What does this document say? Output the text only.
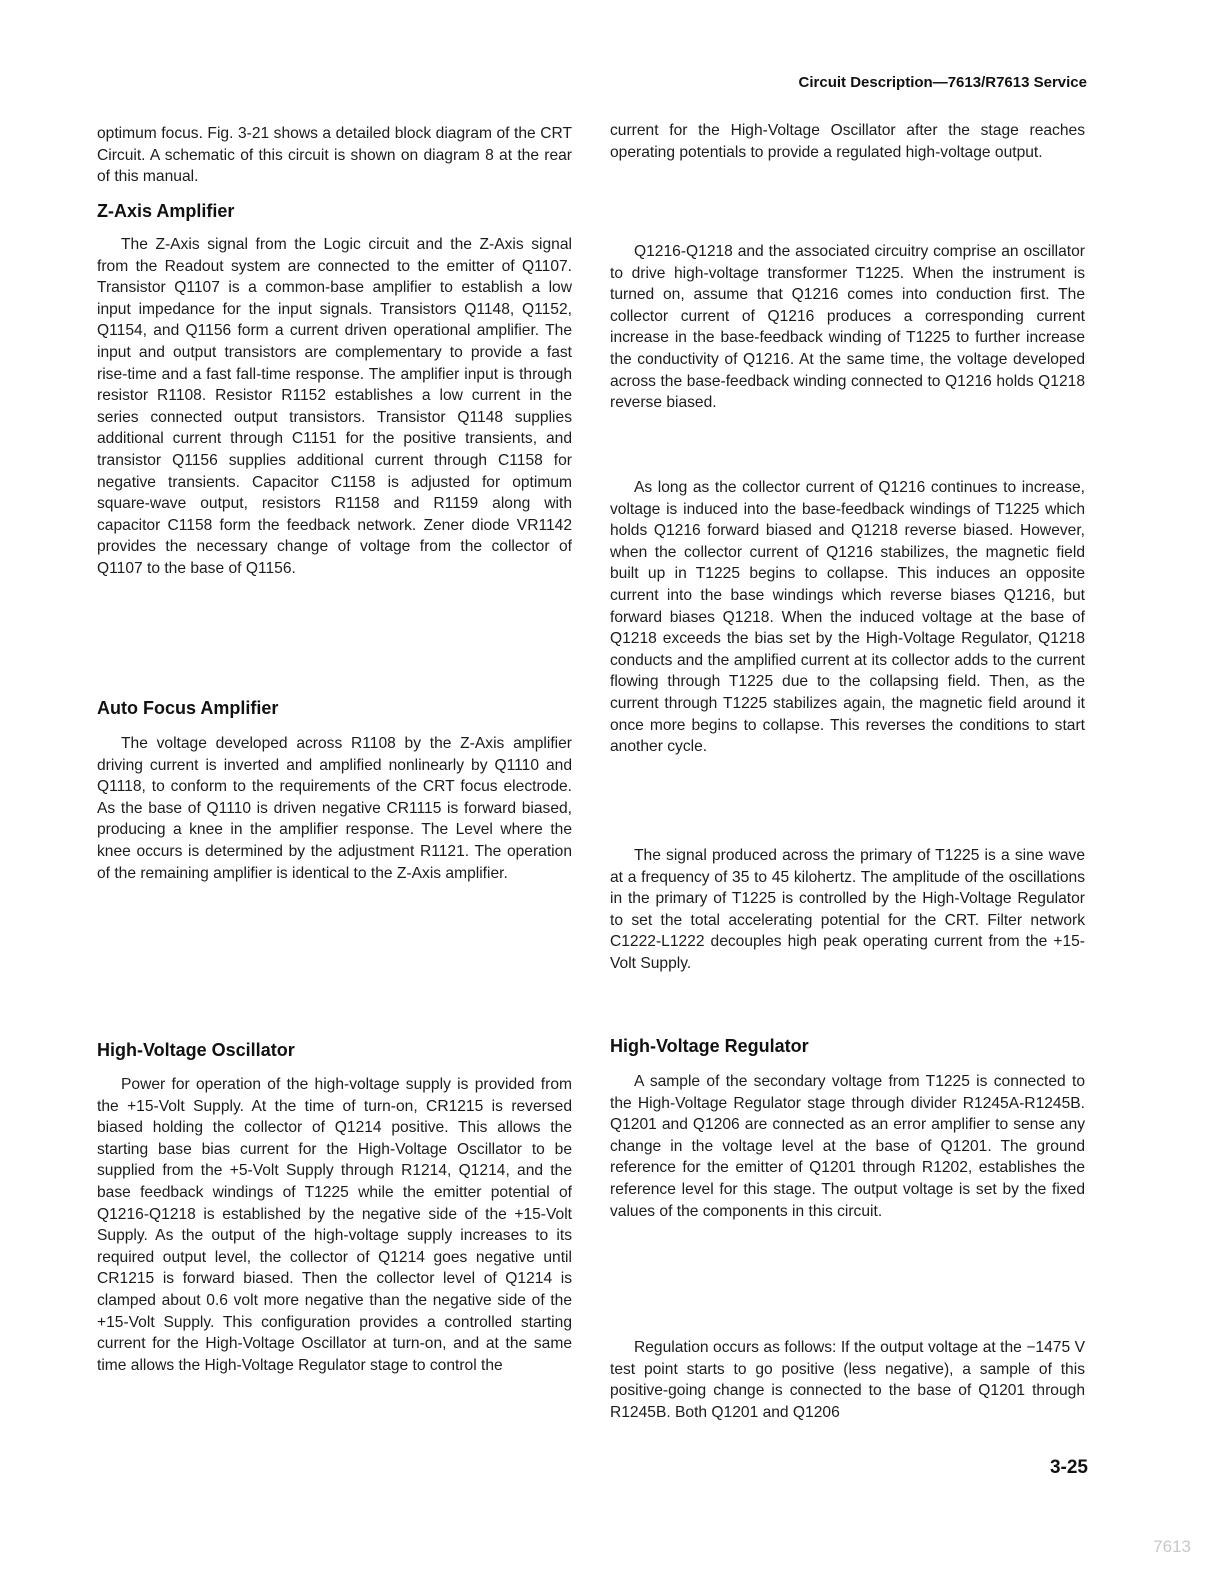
Circuit Description—7613/R7613 Service

optimum focus. Fig. 3-21 shows a detailed block diagram of the CRT Circuit. A schematic of this circuit is shown on diagram 8 at the rear of this manual.

Z-Axis Amplifier

The Z-Axis signal from the Logic circuit and the Z-Axis signal from the Readout system are connected to the emitter of Q1107. Transistor Q1107 is a common-base amplifier to establish a low input impedance for the input signals. Transistors Q1148, Q1152, Q1154, and Q1156 form a current driven operational amplifier. The input and output transistors are complementary to provide a fast rise-time and a fast fall-time response. The amplifier input is through resistor R1108. Resistor R1152 establishes a low current in the series connected output transistors. Transistor Q1148 supplies additional current through C1151 for the positive transients, and transistor Q1156 supplies additional current through C1158 for negative transients. Capacitor C1158 is adjusted for optimum square-wave output, resistors R1158 and R1159 along with capacitor C1158 form the feedback network. Zener diode VR1142 provides the necessary change of voltage from the collector of Q1107 to the base of Q1156.

Auto Focus Amplifier

The voltage developed across R1108 by the Z-Axis amplifier driving current is inverted and amplified nonlinearly by Q1110 and Q1118, to conform to the requirements of the CRT focus electrode. As the base of Q1110 is driven negative CR1115 is forward biased, producing a knee in the amplifier response. The Level where the knee occurs is determined by the adjustment R1121. The operation of the remaining amplifier is identical to the Z-Axis amplifier.

High-Voltage Oscillator

Power for operation of the high-voltage supply is provided from the +15-Volt Supply. At the time of turn-on, CR1215 is reversed biased holding the collector of Q1214 positive. This allows the starting base bias current for the High-Voltage Oscillator to be supplied from the +5-Volt Supply through R1214, Q1214, and the base feedback windings of T1225 while the emitter potential of Q1216-Q1218 is established by the negative side of the +15-Volt Supply. As the output of the high-voltage supply increases to its required output level, the collector of Q1214 goes negative until CR1215 is forward biased. Then the collector level of Q1214 is clamped about 0.6 volt more negative than the negative side of the +15-Volt Supply. This configuration provides a controlled starting current for the High-Voltage Oscillator at turn-on, and at the same time allows the High-Voltage Regulator stage to control the

current for the High-Voltage Oscillator after the stage reaches operating potentials to provide a regulated high-voltage output.

Q1216-Q1218 and the associated circuitry comprise an oscillator to drive high-voltage transformer T1225. When the instrument is turned on, assume that Q1216 comes into conduction first. The collector current of Q1216 produces a corresponding current increase in the base-feedback winding of T1225 to further increase the conductivity of Q1216. At the same time, the voltage developed across the base-feedback winding connected to Q1216 holds Q1218 reverse biased.

As long as the collector current of Q1216 continues to increase, voltage is induced into the base-feedback windings of T1225 which holds Q1216 forward biased and Q1218 reverse biased. However, when the collector current of Q1216 stabilizes, the magnetic field built up in T1225 begins to collapse. This induces an opposite current into the base windings which reverse biases Q1216, but forward biases Q1218. When the induced voltage at the base of Q1218 exceeds the bias set by the High-Voltage Regulator, Q1218 conducts and the amplified current at its collector adds to the current flowing through T1225 due to the collapsing field. Then, as the current through T1225 stabilizes again, the magnetic field around it once more begins to collapse. This reverses the conditions to start another cycle.

The signal produced across the primary of T1225 is a sine wave at a frequency of 35 to 45 kilohertz. The amplitude of the oscillations in the primary of T1225 is controlled by the High-Voltage Regulator to set the total accelerating potential for the CRT. Filter network C1222-L1222 decouples high peak operating current from the +15-Volt Supply.

High-Voltage Regulator

A sample of the secondary voltage from T1225 is connected to the High-Voltage Regulator stage through divider R1245A-R1245B. Q1201 and Q1206 are connected as an error amplifier to sense any change in the voltage level at the base of Q1201. The ground reference for the emitter of Q1201 through R1202, establishes the reference level for this stage. The output voltage is set by the fixed values of the components in this circuit.

Regulation occurs as follows: If the output voltage at the −1475 V test point starts to go positive (less negative), a sample of this positive-going change is connected to the base of Q1201 through R1245B. Both Q1201 and Q1206

3-25
7613
